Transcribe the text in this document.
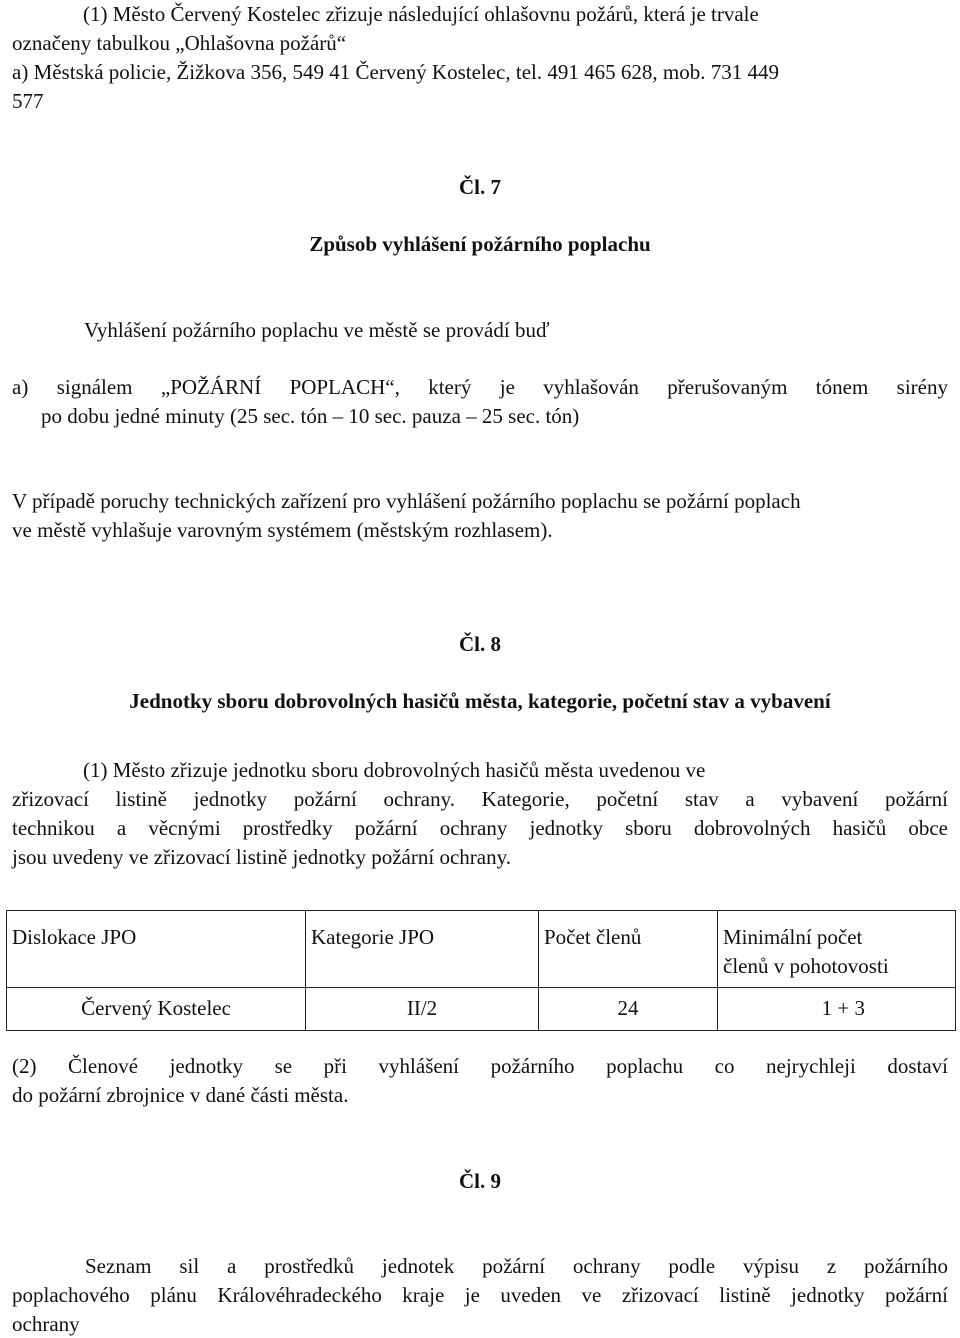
(1) Město Červený Kostelec zřizuje následující ohlašovnu požárů, která je trvale
označeny tabulkou „Ohlašovna požárů“
a) Městská policie, Žižkova 356, 549 41 Červený Kostelec, tel. 491 465 628, mob. 731 449
577
Čl. 7
Způsob vyhlášení požárního poplachu
Vyhlášení požárního poplachu ve městě se provádí buď
a) signálem „POŽÁRNÍ POPLACH“, který je vyhlašován přerušovaným tónem sirény
po dobu jedné minuty (25 sec. tón – 10 sec. pauza – 25 sec. tón)
V případě poruchy technických zařízení pro vyhlášení požárního poplachu se požární poplach
ve městě vyhlašuje varovným systémem (městským rozhlasem).
Čl. 8
Jednotky sboru dobrovolných hasičů města, kategorie, početní stav a vybavení
(1) Město zřizuje jednotku sboru dobrovolných hasičů města uvedenou ve
zřizovací listině jednotky požární ochrany. Kategorie, početní stav a vybavení požární
technikou a věcnými prostředky požární ochrany jednotky sboru dobrovolných hasičů obce
jsou uvedeny ve zřizovací listině jednotky požární ochrany.
Dislokace JPO	Kategorie JPO	Počet členů	Minimální počet
členů v pohotovosti
Červený Kostelec	II/2	24	1 + 3
(2) Členové jednotky se při vyhlášení požárního poplachu co nejrychleji dostaví
do požární zbrojnice v dané části města.
Čl. 9
Seznam sil a prostředků jednotek požární ochrany podle výpisu z požárního
poplachového plánu Královéhradeckého kraje je uveden ve zřizovací listině jednotky požární
ochrany
